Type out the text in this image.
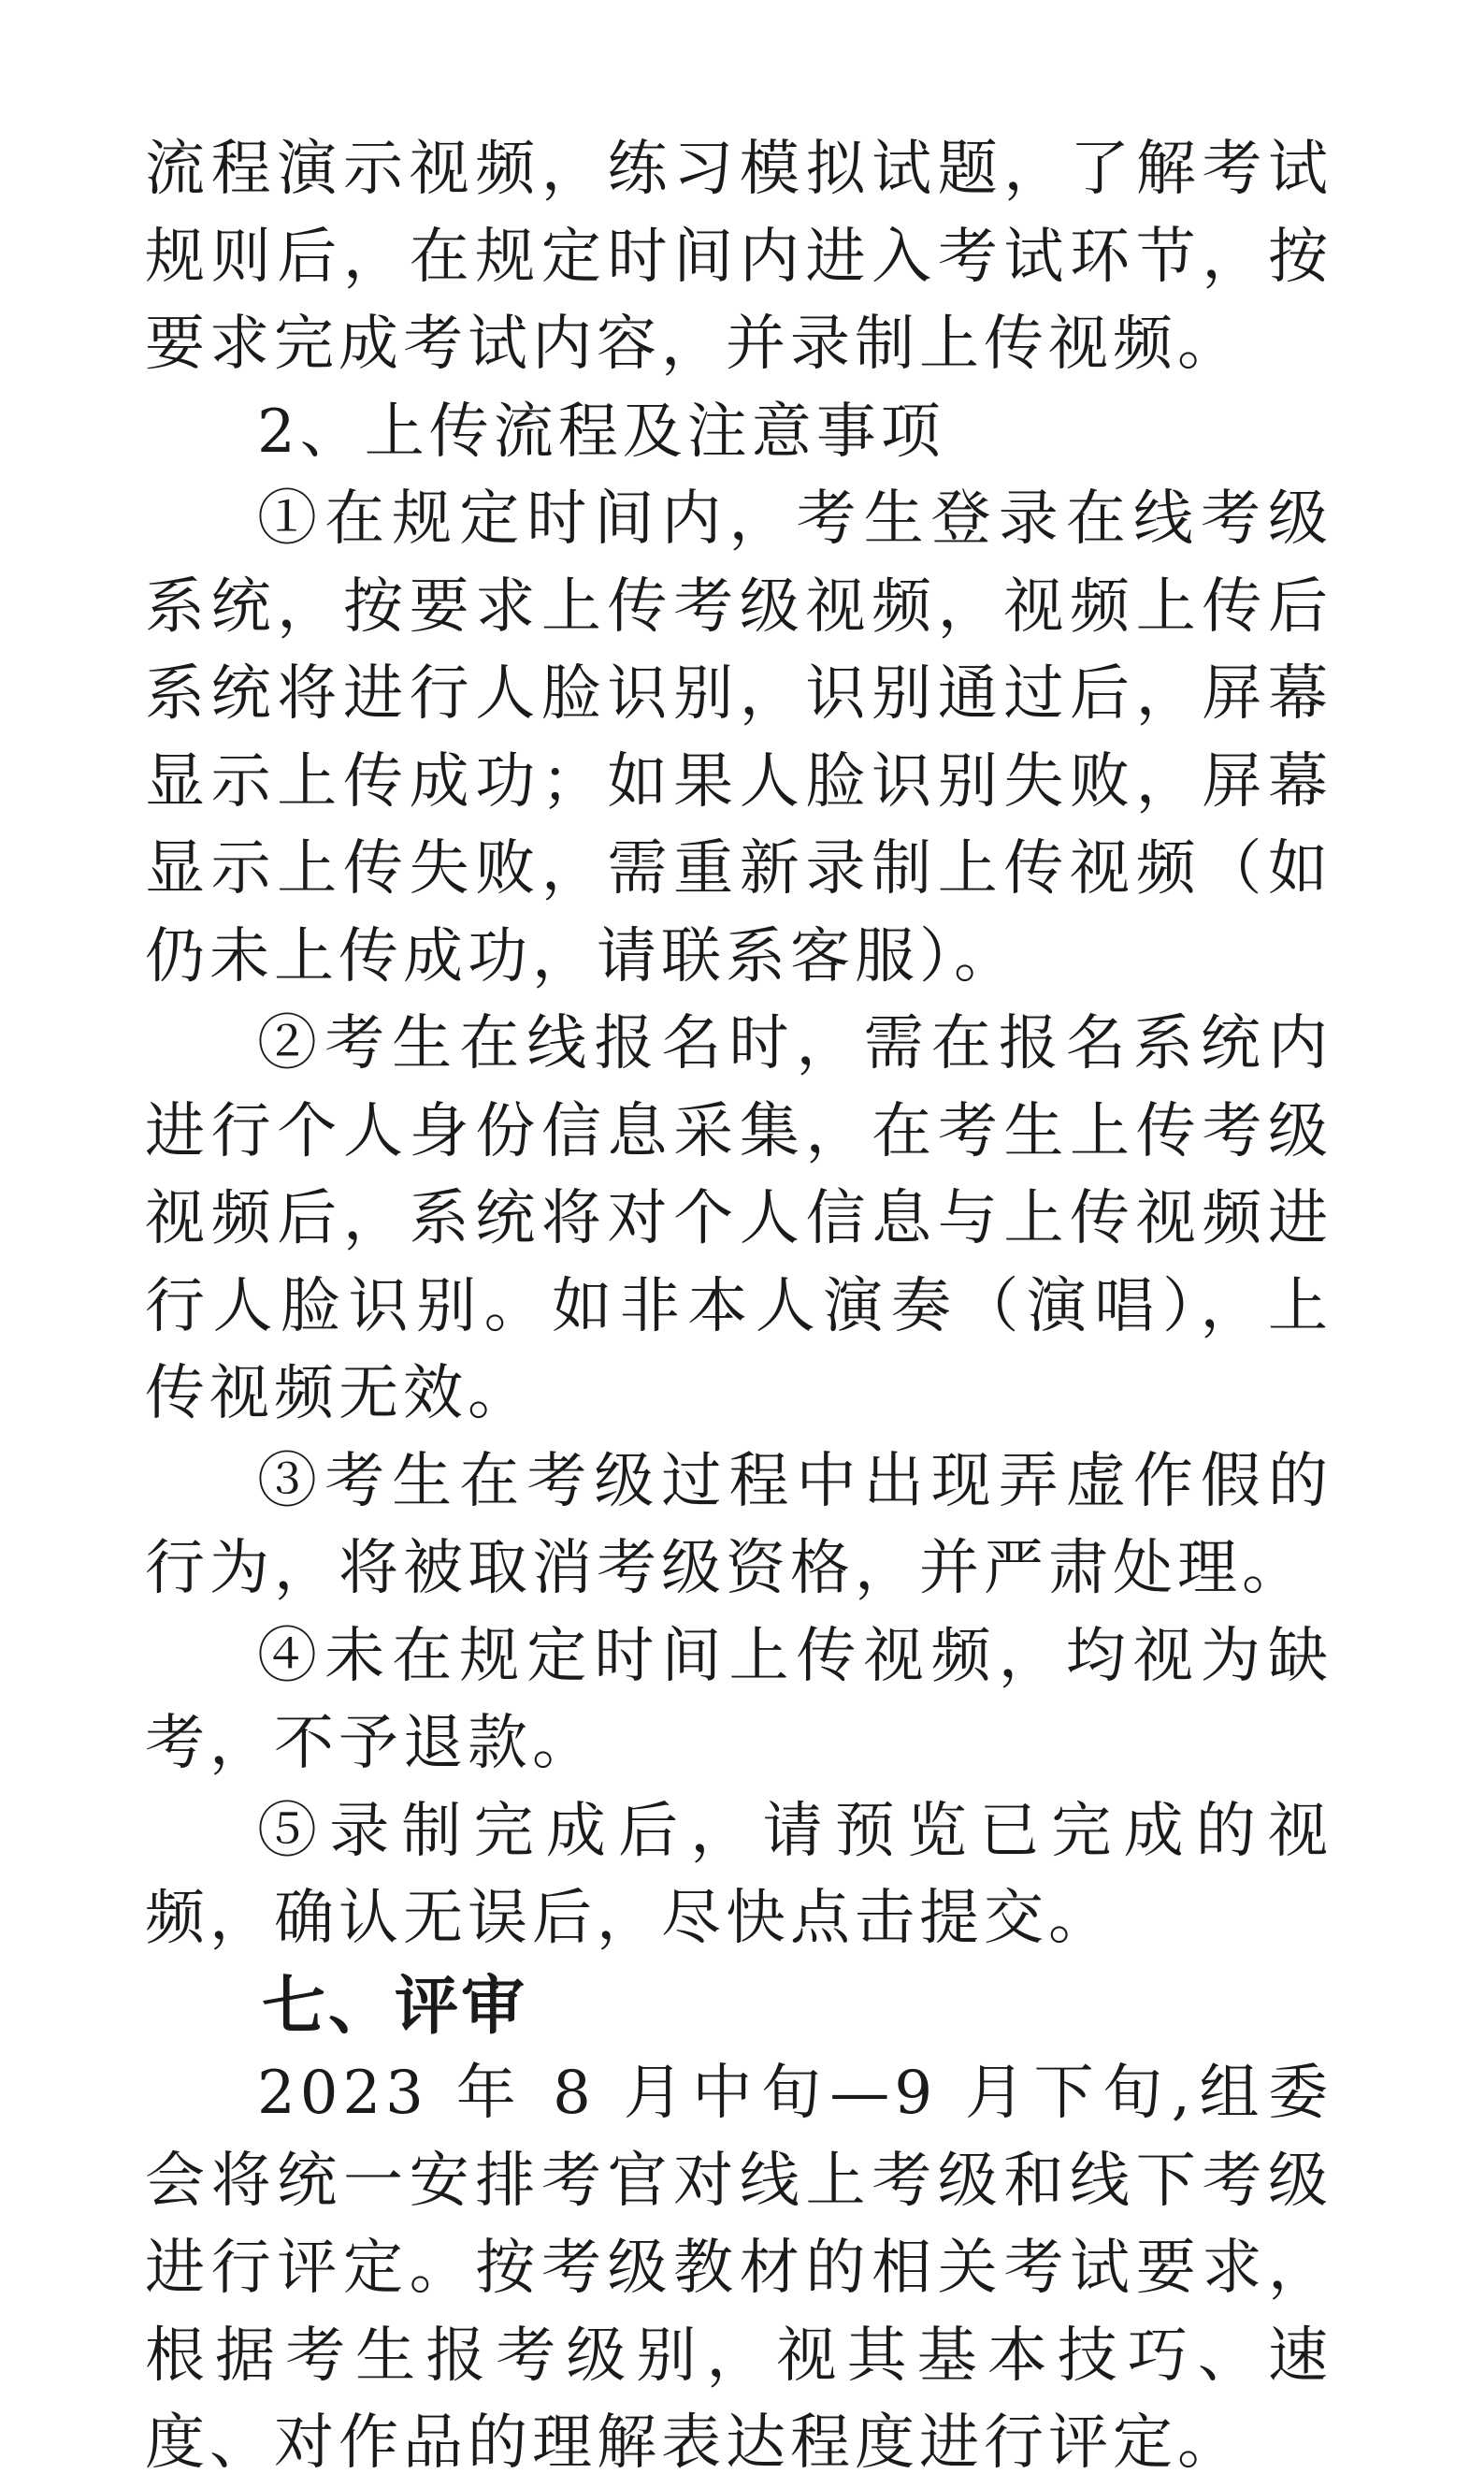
流程演示视频，练习模拟试题，了解考试规则后，在规定时间内进入考试环节，按要求完成考试内容，并录制上传视频。

2、上传流程及注意事项

①在规定时间内，考生登录在线考级系统，按要求上传考级视频，视频上传后系统将进行人脸识别，识别通过后，屏幕显示上传成功；如果人脸识别失败，屏幕显示上传失败，需重新录制上传视频（如仍未上传成功，请联系客服）。

②考生在线报名时，需在报名系统内进行个人身份信息采集，在考生上传考级视频后，系统将对个人信息与上传视频进行人脸识别。如非本人演奏（演唱），上传视频无效。

③考生在考级过程中出现弄虚作假的行为，将被取消考级资格，并严肃处理。

④未在规定时间上传视频，均视为缺考，不予退款。

⑤录制完成后，请预览已完成的视频，确认无误后，尽快点击提交。

七、评审

2023 年 8 月中旬—9 月下旬,组委会将统一安排考官对线上考级和线下考级进行评定。按考级教材的相关考试要求，根据考生报考级别，视其基本技巧、速度、对作品的理解表达程度进行评定。
